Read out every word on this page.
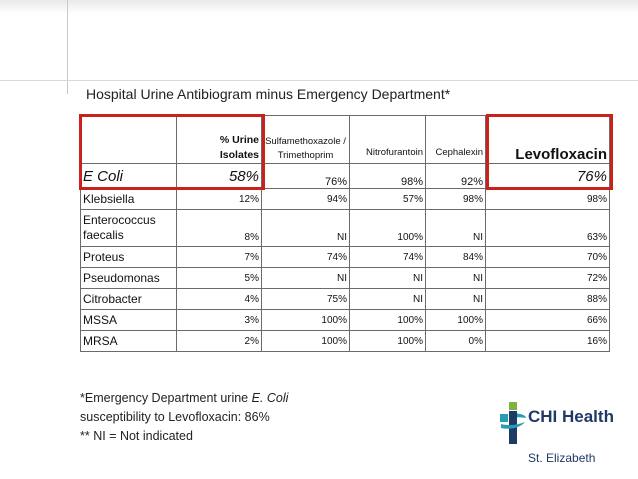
Hospital Urine Antibiogram minus Emergency Department*
	% Urine Isolates	Sulfamethoxazole / Trimethoprim	Nitrofurantoin	Cephalexin	Levofloxacin
E Coli	58%	76%	98%	92%	76%
Klebsiella	12%	94%	57%	98%	98%
Enterococcus faecalis	8%	NI	100%	NI	63%
Proteus	7%	74%	74%	84%	70%
Pseudomonas	5%	NI	NI	NI	72%
Citrobacter	4%	75%	NI	NI	88%
MSSA	3%	100%	100%	100%	66%
MRSA	2%	100%	100%	0%	16%
*Emergency Department urine E. Coli
susceptibility to Levofloxacin: 86%
** NI = Not indicated
CHI Health
St. Elizabeth
